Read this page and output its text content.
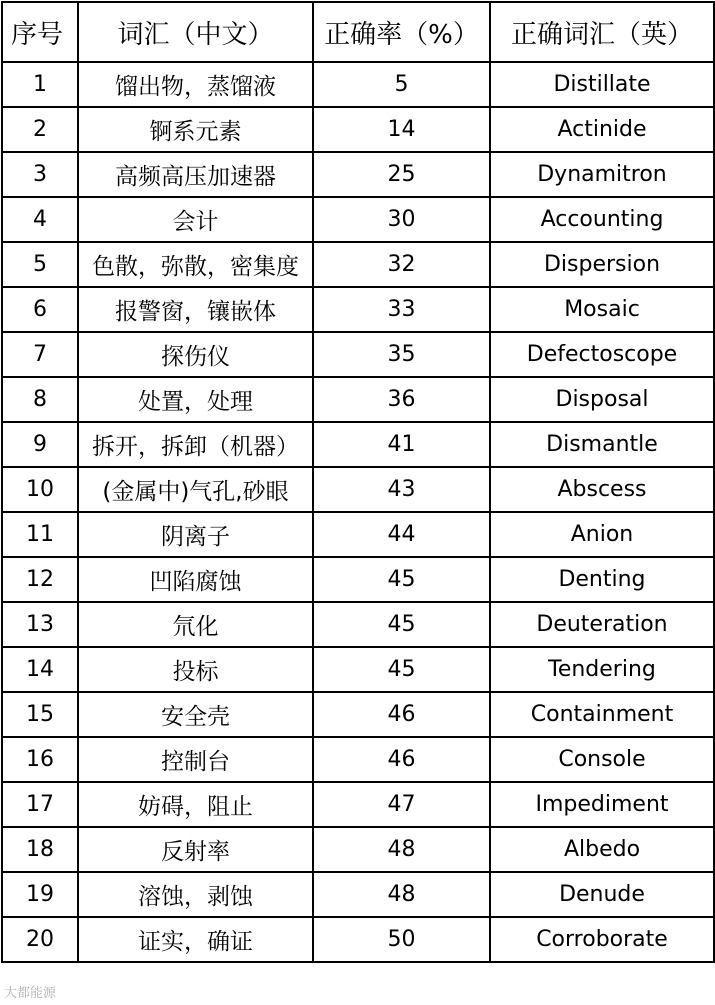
序号	词汇（中文）	正确率（%）	正确词汇（英）
1	馏出物，蒸馏液	5	Distillate
2	锕系元素	14	Actinide
3	高频高压加速器	25	Dynamitron
4	会计	30	Accounting
5	色散，弥散，密集度	32	Dispersion
6	报警窗，镶嵌体	33	Mosaic
7	探伤仪	35	Defectoscope
8	处置，处理	36	Disposal
9	拆开，拆卸（机器）	41	Dismantle
10	(金属中)气孔,砂眼	43	Abscess
11	阴离子	44	Anion
12	凹陷腐蚀	45	Denting
13	氘化	45	Deuteration
14	投标	45	Tendering
15	安全壳	46	Containment
16	控制台	46	Console
17	妨碍，阻止	47	Impediment
18	反射率	48	Albedo
19	溶蚀，剥蚀	48	Denude
20	证实，确证	50	Corroborate
大都能源
